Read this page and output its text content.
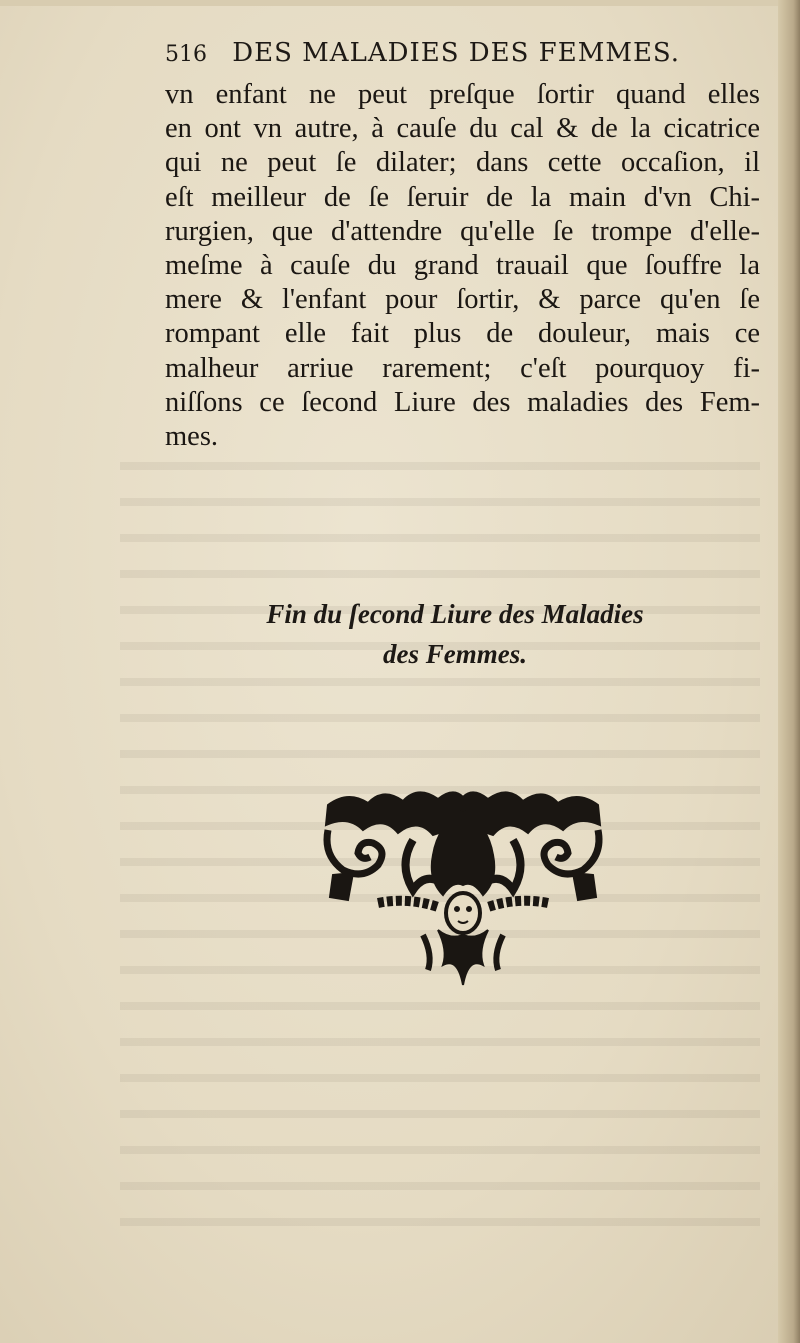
516 DES MALADIES DES FEMMES.
vn enfant ne peut preſque ſortir quand elles
en ont vn autre, à cauſe du cal & de la cicatrice
qui ne peut ſe dilater; dans cette occaſion, il
eſt meilleur de ſe ſeruir de la main d'vn Chi-
rurgien, que d'attendre qu'elle ſe trompe d'elle-
meſme à cauſe du grand trauail que ſouffre la
mere & l'enfant pour ſortir, & parce qu'en ſe
rompant elle fait plus de douleur, mais ce
malheur arriue rarement; c'eſt pourquoy fi-
niſſons ce ſecond Liure des maladies des Fem-
mes.
Fin du ſecond Liure des Maladies
des Femmes.
